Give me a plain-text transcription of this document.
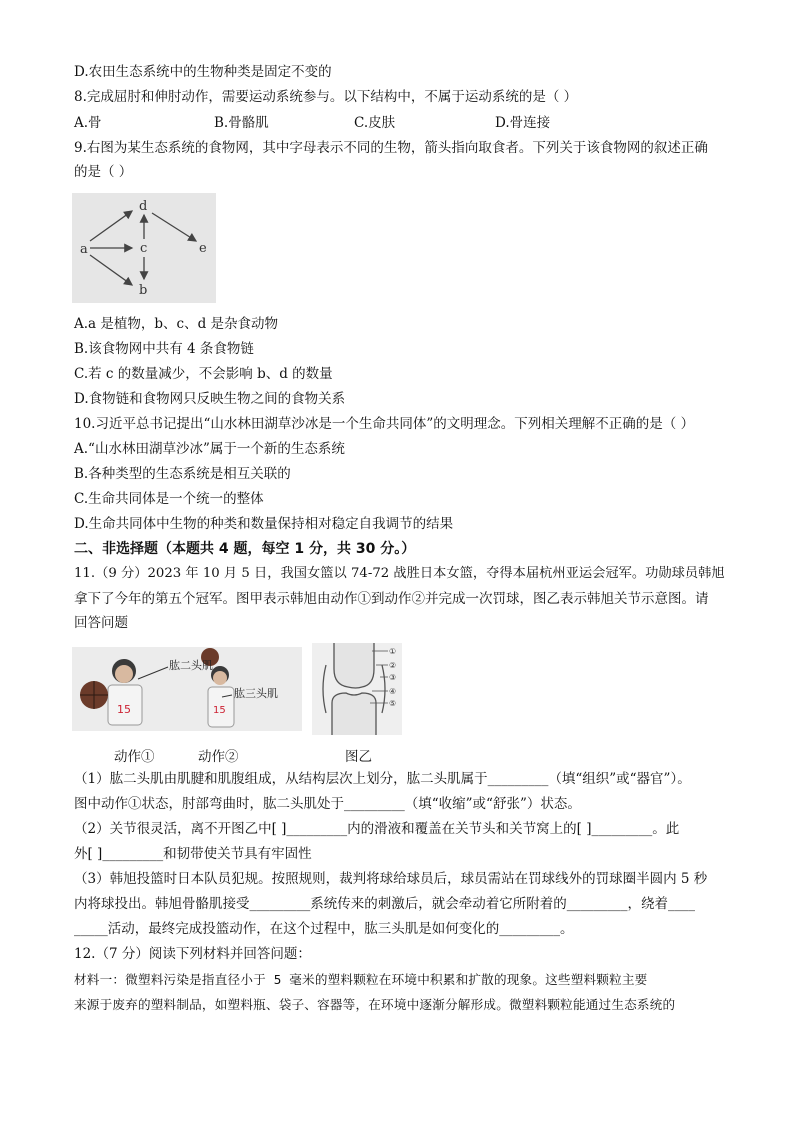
D.农田生态系统中的生物种类是固定不变的
8.完成屈肘和伸肘动作，需要运动系统参与。以下结构中，不属于运动系统的是（ ）
A.骨	B.骨骼肌	C.皮肤	D.骨连接
9.右图为某生态系统的食物网，其中字母表示不同的生物，箭头指向取食者。下列关于该食物网的叙述正确
的是（ ）
a
b
c
d
e
A.a 是植物，b、c、d 是杂食动物
B.该食物网中共有 4 条食物链
C.若 c 的数量减少，不会影响 b、d 的数量
D.食物链和食物网只反映生物之间的食物关系
10.习近平总书记提出“山水林田湖草沙冰是一个生命共同体”的文明理念。下列相关理解不正确的是（ ）
A.“山水林田湖草沙冰”属于一个新的生态系统
B.各种类型的生态系统是相互关联的
C.生命共同体是一个统一的整体
D.生命共同体中生物的种类和数量保持相对稳定自我调节的结果
二、非选择题（本题共 4 题，每空 1 分，共 30 分。）
11.（9 分）2023 年 10 月 5 日，我国女篮以 74-72 战胜日本女篮，夺得本届杭州亚运会冠军。功勋球员韩旭
拿下了今年的第五个冠军。图甲表示韩旭由动作①到动作②并完成一次罚球，图乙表示韩旭关节示意图。请
回答问题
15	15
肱二头肌
肱三头肌
①
②
③
④
⑤
动作①	动作②	图乙
（1）肱二头肌由肌腱和肌腹组成，从结构层次上划分，肱二头肌属于_________（填“组织”或“器官”）。
图中动作①状态，肘部弯曲时，肱二头肌处于_________（填“收缩”或“舒张”）状态。
（2）关节很灵活，离不开图乙中[ ]_________内的滑液和覆盖在关节头和关节窝上的[ ]_________。此
外[ ]_________和韧带使关节具有牢固性
（3）韩旭投篮时日本队员犯规。按照规则，裁判将球给球员后，球员需站在罚球线外的罚球圈半圆内 5 秒
内将球投出。韩旭骨骼肌接受_________系统传来的刺激后，就会牵动着它所附着的_________，绕着____
_____活动，最终完成投篮动作，在这个过程中，肱三头肌是如何变化的_________。
12.（7 分）阅读下列材料并回答问题：
材料一：微塑料污染是指直径小于 5 毫米的塑料颗粒在环境中积累和扩散的现象。这些塑料颗粒主要
来源于废弃的塑料制品，如塑料瓶、袋子、容器等，在环境中逐渐分解形成。微塑料颗粒能通过生态系统的
